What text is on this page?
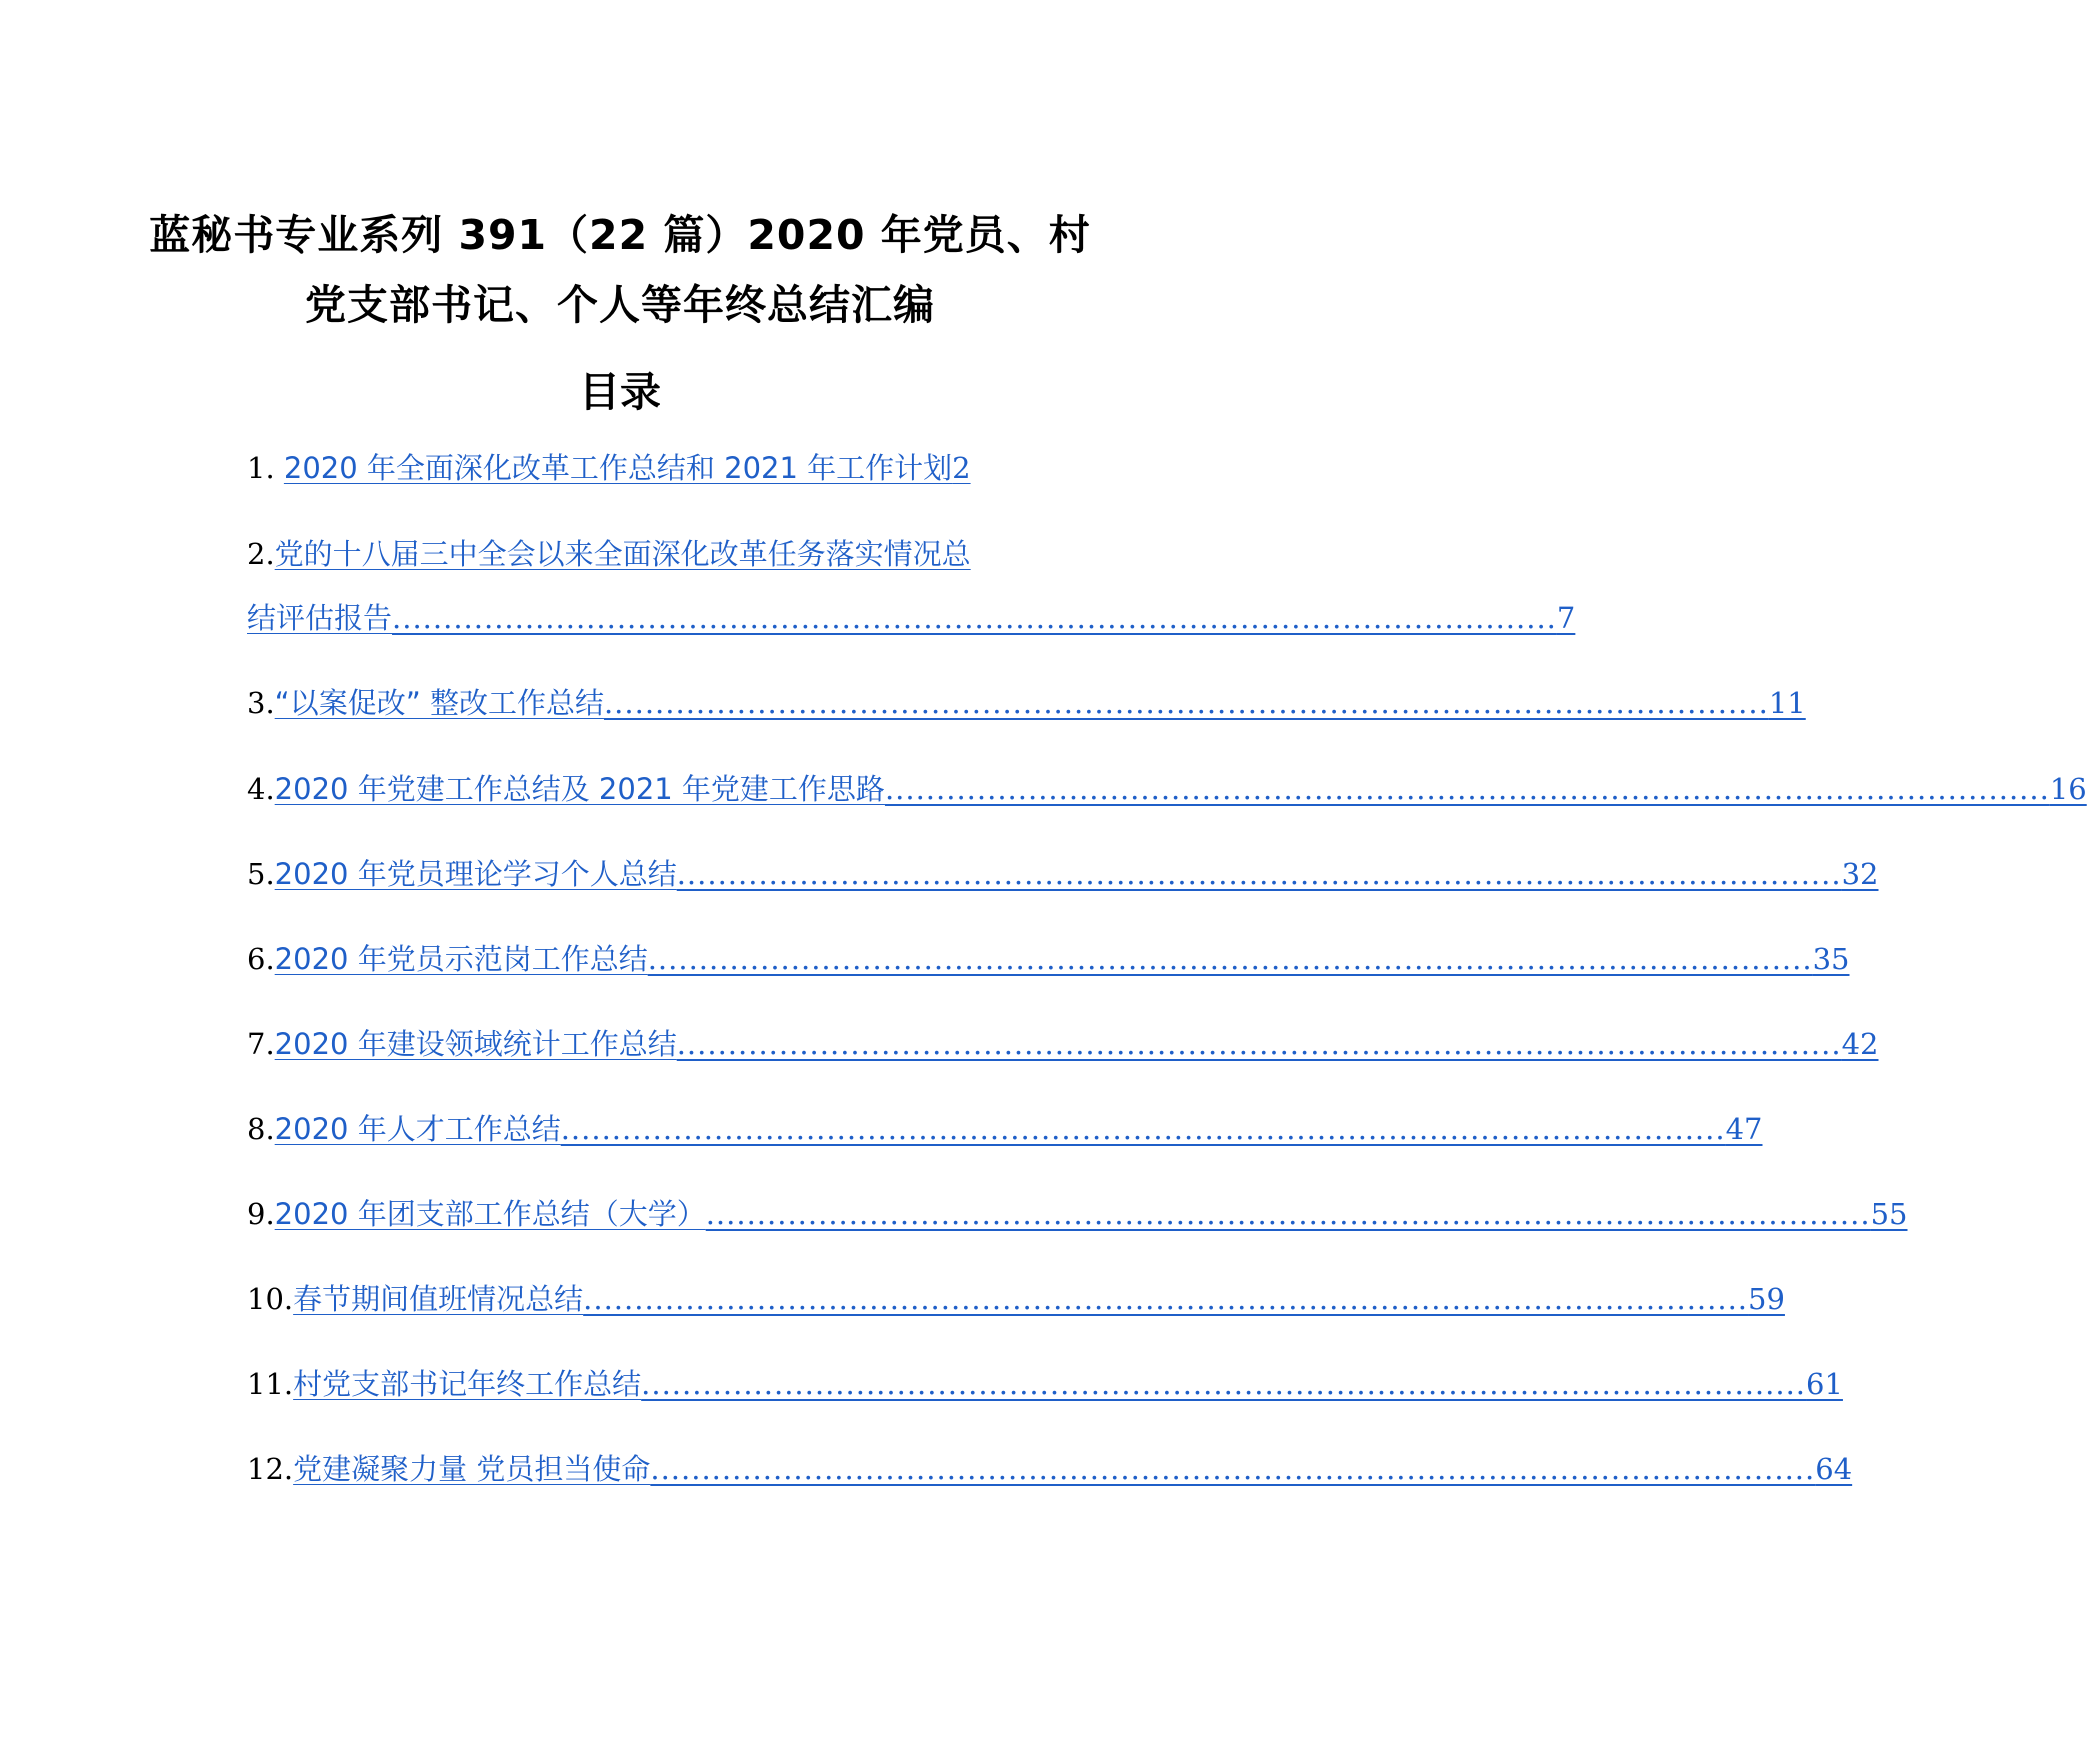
蓝秘书专业系列 391（22 篇）2020 年党员、村
党支部书记、个人等年终总结汇编
目录
1. 2020 年全面深化改革工作总结和 2021 年工作计划2
2.党的十八届三中全会以来全面深化改革任务落实情况总
结评估报告 .................................................................................................................. 7
3. “以案促改” 整改工作总结 .................................................................................................................. 11
4. 2020 年党建工作总结及 2021 年党建工作思路 .................................................................................................................. 16
5. 2020 年党员理论学习个人总结 .................................................................................................................. 32
6. 2020 年党员示范岗工作总结 .................................................................................................................. 35
7. 2020 年建设领域统计工作总结 .................................................................................................................. 42
8. 2020 年人才工作总结 .................................................................................................................. 47
9. 2020 年团支部工作总结（大学） .................................................................................................................. 55
10. 春节期间值班情况总结 .................................................................................................................. 59
11. 村党支部书记年终工作总结 .................................................................................................................. 61
12. 党建凝聚力量 党员担当使命 .................................................................................................................. 64
